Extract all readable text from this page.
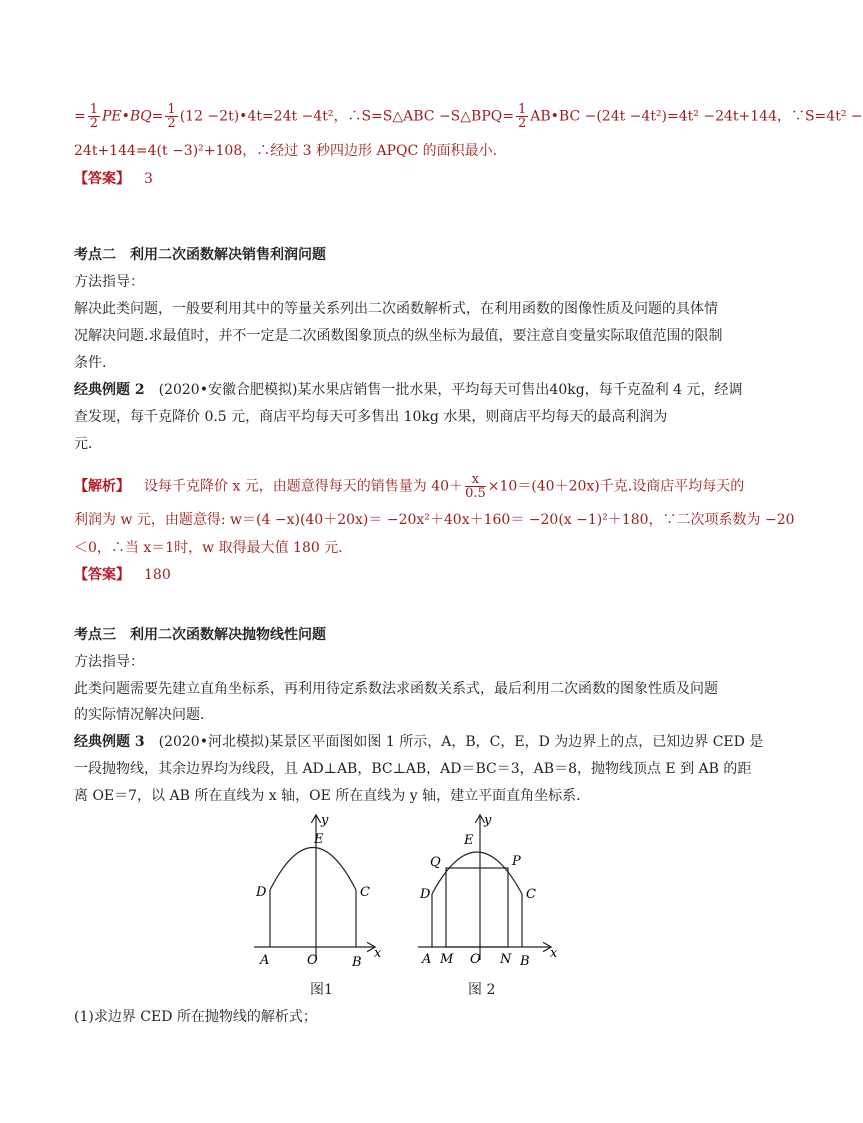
= $\frac{1}{2}$ PE•BQ= $\frac{1}{2} (12$ −2t)•4t=24t −4t²，∴S=S△ABC −S△BPQ= $\frac{1}{2}$ AB•BC −(24t −4t²)=4t² −24t+144，∵S=4t² −
24t+144=4(t −3)²+108，∴经过 3 秒四边形 APQC 的面积最小．
【答案】 3
考点二　利用二次函数解决销售利润问题
方法指导：
解决此类问题，一般要利用其中的等量关系列出二次函数解析式，在利用函数的图像性质及问题的具体情
况解决问题.求最值时，并不一定是二次函数图象顶点的纵坐标为最值，要注意自变量实际取值范围的限制
条件.
经典例题 2 (2020•安徽合肥模拟)某水果店销售一批水果，平均每天可售出40kg，每千克盈利 4 元，经调
查发现，每千克降价 0.5 元，商店平均每天可多售出 10kg 水果，则商店平均每天的最高利润为
元．
【解析】 设每千克降价 x 元，由题意得每天的销售量为 $40+ \frac{x}{0.5} \times 10=(40+20x)$千克.设商店平均每天的
利润为 w 元，由题意得: w＝(4 −x)(40＋20x)＝ −20x²＋40x＋160＝ −20(x −1)²＋180，∵二次项系数为 −20
＜0，∴当 x＝1时，w 取得最大值 180 元．
【答案】 180
考点三　利用二次函数解决抛物线性问题
方法指导：
此类问题需要先建立直角坐标系，再利用待定系数法求函数关系式，最后利用二次函数的图象性质及问题
的实际情况解决问题．
经典例题 3 (2020•河北模拟)某景区平面图如图 1 所示，A，B，C，E，D 为边界上的点，已知边界 CED 是
一段抛物线，其余边界均为线段，且 AD⊥AB，BC⊥AB，AD＝BC＝3，AB＝8，抛物线顶点 E 到 AB 的距
离 OE＝7，以 AB 所在直线为 x 轴，OE 所在直线为 y 轴，建立平面直角坐标系．
y
E
D	C
A	O	B
x
图1
y
E
Q	P
D	C
A M O N B
x
图 2
(1)求边界 CED 所在抛物线的解析式；
